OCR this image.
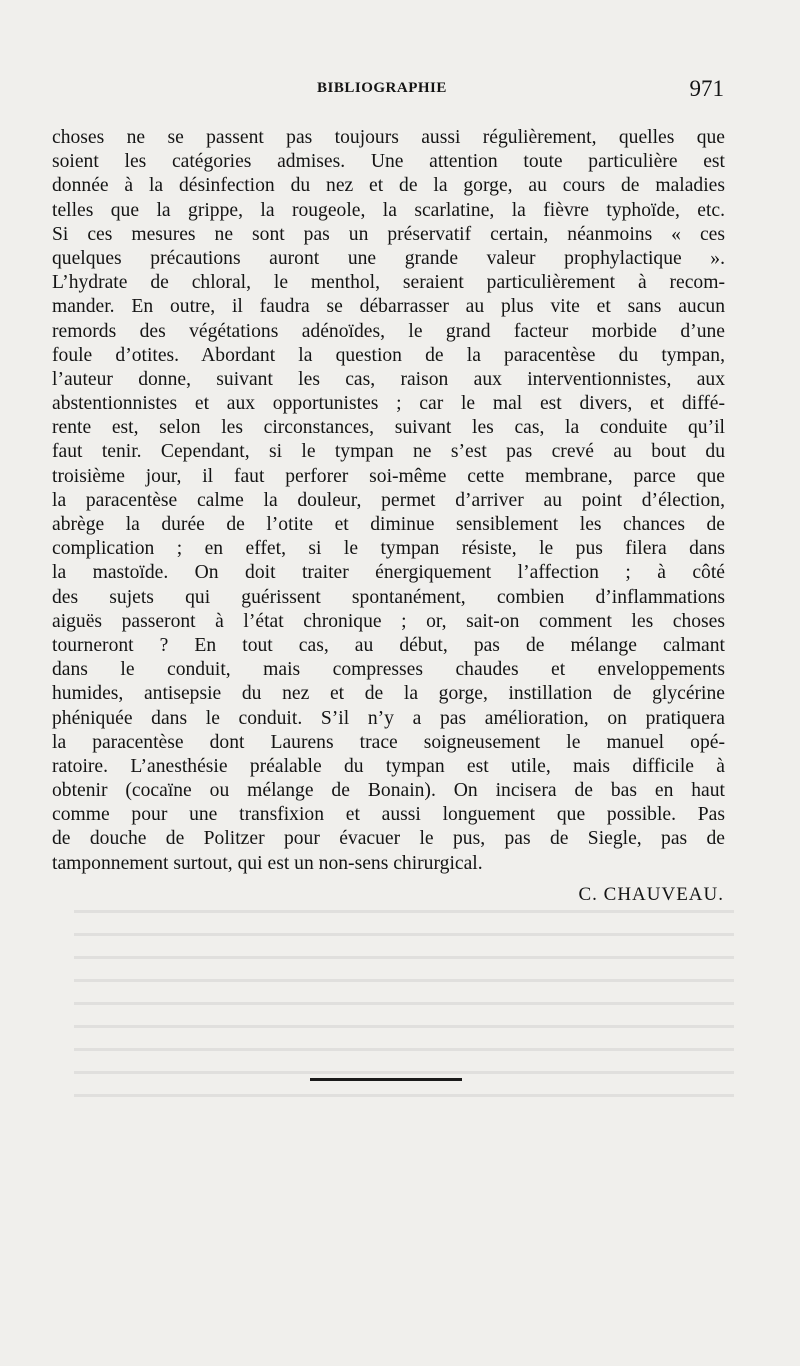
BIBLIOGRAPHIE	971
choses ne se passent pas toujours aussi régulièrement, quelles que
soient les catégories admises. Une attention toute particulière est
donnée à la désinfection du nez et de la gorge, au cours de maladies
telles que la grippe, la rougeole, la scarlatine, la fièvre typhoïde, etc.
Si ces mesures ne sont pas un préservatif certain, néanmoins « ces
quelques précautions auront une grande valeur prophylactique ».
L’hydrate de chloral, le menthol, seraient particulièrement à recom-
mander. En outre, il faudra se débarrasser au plus vite et sans aucun
remords des végétations adénoïdes, le grand facteur morbide d’une
foule d’otites. Abordant la question de la paracentèse du tympan,
l’auteur donne, suivant les cas, raison aux interventionnistes, aux
abstentionnistes et aux opportunistes ; car le mal est divers, et diffé-
rente est, selon les circonstances, suivant les cas, la conduite qu’il
faut tenir. Cependant, si le tympan ne s’est pas crevé au bout du
troisième jour, il faut perforer soi-même cette membrane, parce que
la paracentèse calme la douleur, permet d’arriver au point d’élection,
abrège la durée de l’otite et diminue sensiblement les chances de
complication ; en effet, si le tympan résiste, le pus filera dans
la mastoïde. On doit traiter énergiquement l’affection ; à côté
des sujets qui guérissent spontanément, combien d’inflammations
aiguës passeront à l’état chronique ; or, sait-on comment les choses
tourneront ? En tout cas, au début, pas de mélange calmant
dans le conduit, mais compresses chaudes et enveloppements
humides, antisepsie du nez et de la gorge, instillation de glycérine
phéniquée dans le conduit. S’il n’y a pas amélioration, on pratiquera
la paracentèse dont Laurens trace soigneusement le manuel opé-
ratoire. L’anesthésie préalable du tympan est utile, mais difficile à
obtenir (cocaïne ou mélange de Bonain). On incisera de bas en haut
comme pour une transfixion et aussi longuement que possible. Pas
de douche de Politzer pour évacuer le pus, pas de Siegle, pas de
tamponnement surtout, qui est un non-sens chirurgical.
C. CHAUVEAU.
